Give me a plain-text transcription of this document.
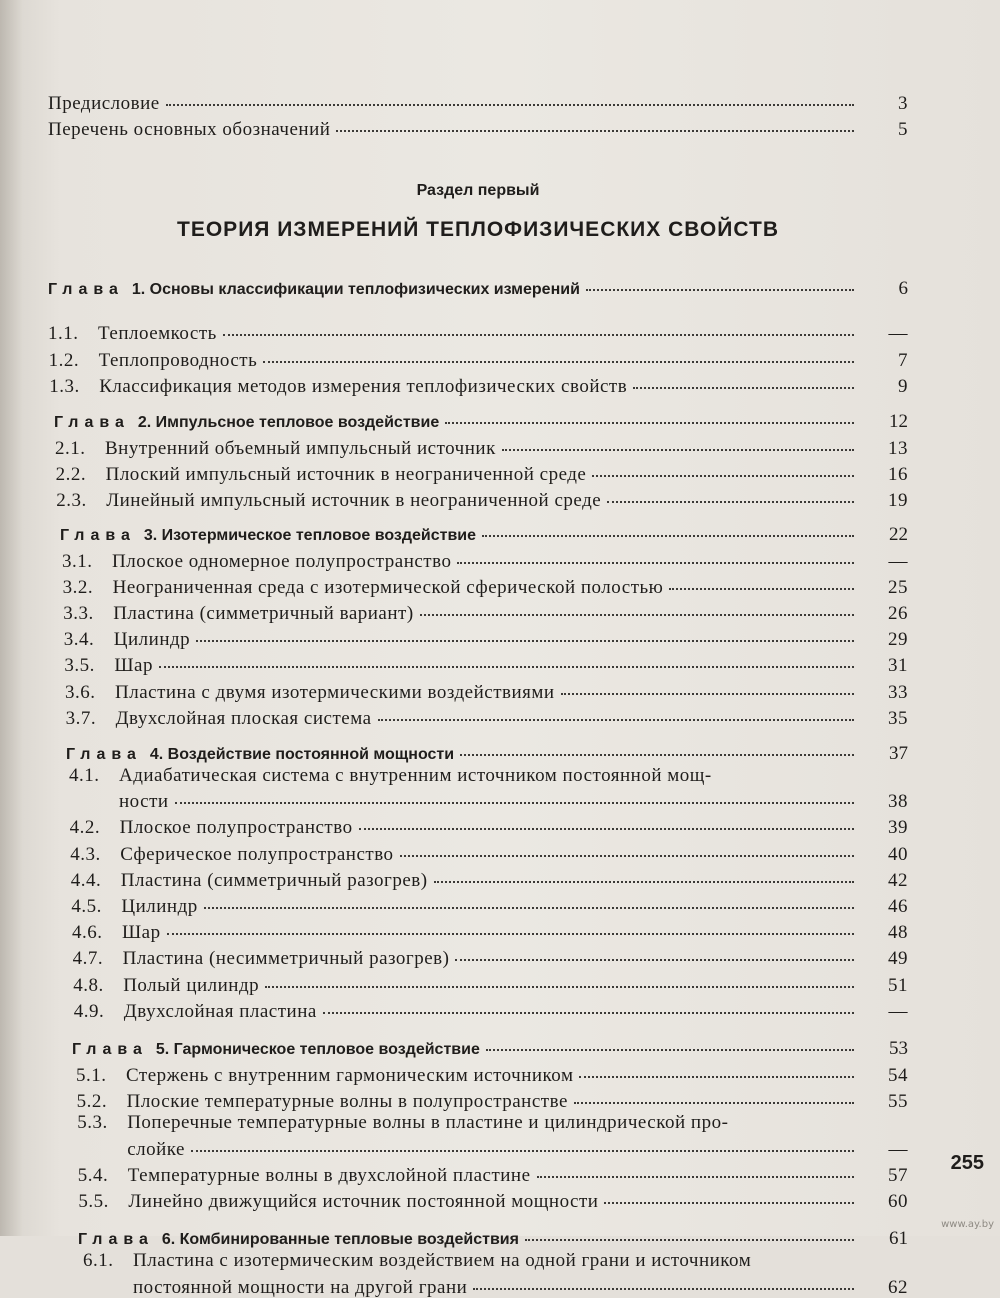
Предисловие	3
Перечень основных обозначений	5
Раздел первый
ТЕОРИЯ ИЗМЕРЕНИЙ ТЕПЛОФИЗИЧЕСКИХ СВОЙСТВ
Глава 1. Основы классификации теплофизических измерений	6
1.1.	Теплоемкость	—
1.2.	Теплопроводность	7
1.3.	Классификация методов измерения теплофизических свойств	9
Глава 2. Импульсное тепловое воздействие	12
2.1.	Внутренний объемный импульсный источник	13
2.2.	Плоский импульсный источник в неограниченной среде	16
2.3.	Линейный импульсный источник в неограниченной среде	19
Глава 3. Изотермическое тепловое воздействие	22
3.1.	Плоское одномерное полупространство	—
3.2.	Неограниченная среда с изотермической сферической полостью	25
3.3.	Пластина (симметричный вариант)	26
3.4.	Цилиндр	29
3.5.	Шар	31
3.6.	Пластина с двумя изотермическими воздействиями	33
3.7.	Двухслойная плоская система	35
Глава 4. Воздействие постоянной мощности	37
4.1.	Адиабатическая система с внутренним источником постоянной мощ-
ности	38
4.2.	Плоское полупространство	39
4.3.	Сферическое полупространство	40
4.4.	Пластина (симметричный разогрев)	42
4.5.	Цилиндр	46
4.6.	Шар	48
4.7.	Пластина (несимметричный разогрев)	49
4.8.	Полый цилиндр	51
4.9.	Двухслойная пластина	—
Глава 5. Гармоническое тепловое воздействие	53
5.1.	Стержень с внутренним гармоническим источником	54
5.2.	Плоские температурные волны в полупространстве	55
5.3.	Поперечные температурные волны в пластине и цилиндрической про-
слойке	—
5.4.	Температурные волны в двухслойной пластине	57
5.5.	Линейно движущийся источник постоянной мощности	60
Глава 6. Комбинированные тепловые воздействия	61
6.1.	Пластина с изотермическим воздействием на одной грани и источником
постоянной мощности на другой грани	62
255
www.ay.by
